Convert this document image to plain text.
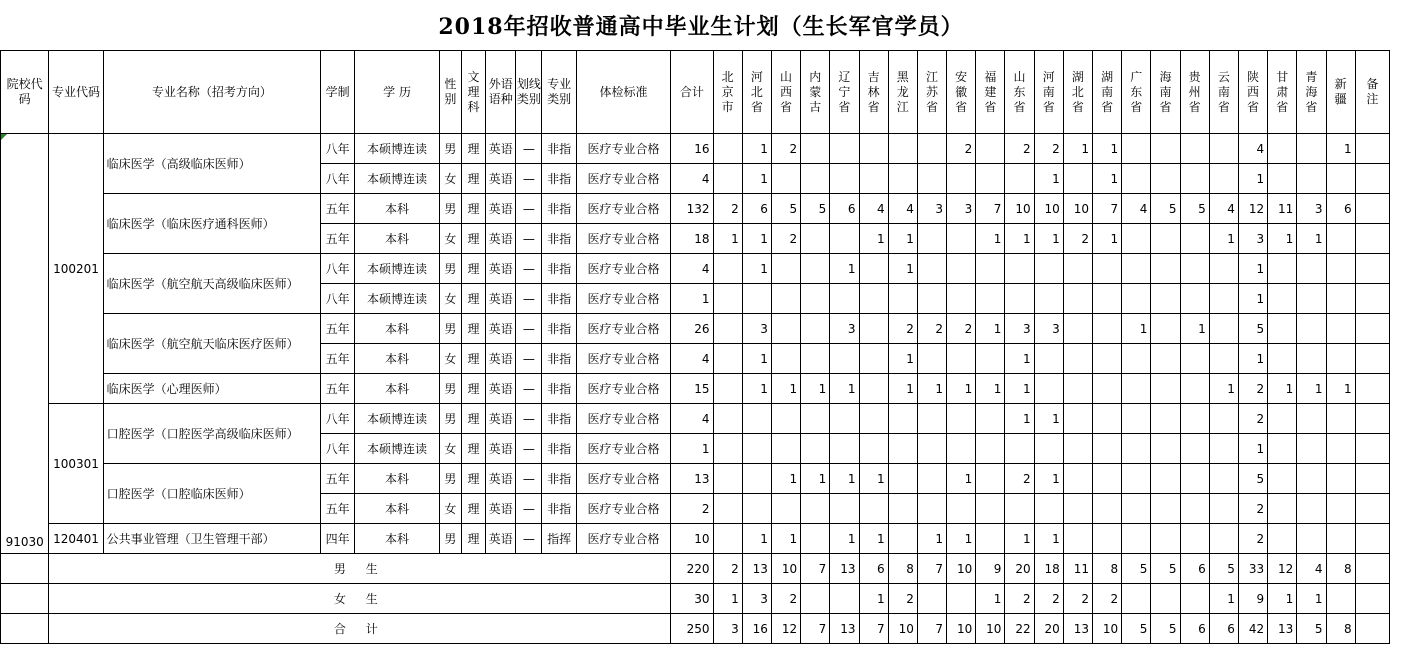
2018年招收普通高中毕业生计划（生长军官学员）
院校代码	专业代码	专业名称（招考方向）	学制	学 历	性别	文理科	外语语种	划线类别	专业类别	体检标准	合计	北京市	河北省	山西省	内蒙古	辽宁省	吉林省	黑龙江	江苏省	安徽省	福建省	山东省	河南省	湖北省	湖南省	广东省	海南省	贵州省	云南省	陕西省	甘肃省	青海省	新疆	备注

91030	100201	临床医学（高级临床医师）	八年	本硕博连读	男	理	英语	—	非指	医疗专业合格	16		1	2						2		2	2	1	1					4			1	
			八年	本硕博连读	女	理	英语	—	非指	医疗专业合格	4		1										1		1					1				
		临床医学（临床医疗通科医师）	五年	本科	男	理	英语	—	非指	医疗专业合格	132	2	6	5	5	6	4	4	3	3	7	10	10	10	7	4	5	5	4	12	11	3	6	
			五年	本科	女	理	英语	—	非指	医疗专业合格	18	1	1	2			1	1			1	1	1	2	1				1	3	1	1		
		临床医学（航空航天高级临床医师）	八年	本硕博连读	男	理	英语	—	非指	医疗专业合格	4		1			1		1												1				
			八年	本硕博连读	女	理	英语	—	非指	医疗专业合格	1																			1				
		临床医学（航空航天临床医疗医师）	五年	本科	男	理	英语	—	非指	医疗专业合格	26		3			3		2	2	2	1	3	3			1		1		5				
			五年	本科	女	理	英语	—	非指	医疗专业合格	4		1					1				1								1				
		临床医学（心理医师）	五年	本科	男	理	英语	—	非指	医疗专业合格	15		1	1	1	1		1	1	1	1	1							1	2	1	1	1	
	100301	口腔医学（口腔医学高级临床医师）	八年	本硕博连读	男	理	英语	—	非指	医疗专业合格	4											1	1							2				
			八年	本硕博连读	女	理	英语	—	非指	医疗专业合格	1																			1				
		口腔医学（口腔临床医师）	五年	本科	男	理	英语	—	非指	医疗专业合格	13			1	1	1	1			1		2	1							5				
			五年	本科	女	理	英语	—	非指	医疗专业合格	2																			2				
	120401	公共事业管理（卫生管理干部）	四年	本科	男	理	英语	—	指挥	医疗专业合格	10		1	1		1	1		1	1		1	1							2				
	男 生										220	2	13	10	7	13	6	8	7	10	9	20	18	11	8	5	5	6	5	33	12	4	8	
	女 生										30	1	3	2			1	2			1	2	2	2	2				1	9	1	1		
	合 计										250	3	16	12	7	13	7	10	7	10	10	22	20	13	10	5	5	6	6	42	13	5	8	
